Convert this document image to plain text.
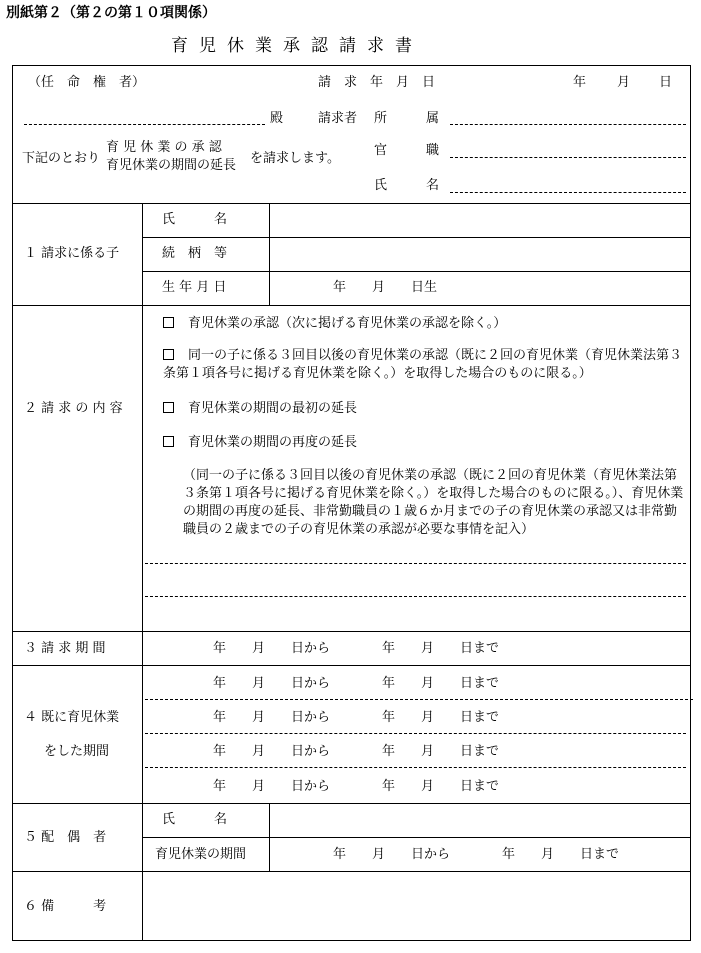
別紙第２（第２の第１０項関係）
育児休業承認請求書
（任　命　権　者）	請　求　年　月　日	年 月 日
殿	請求者 所　　　属
下記のとおり
育 児 休 業 の 承 認
育児休業の期間の延長 を請求します。
官　　　職
氏　　　名
１ 請求に係る子
氏　　　名
続　柄　等
生 年 月 日	年　　月　　日生
２ 請 求 の 内 容
育児休業の承認（次に掲げる育児休業の承認を除く。）
同一の子に係る３回目以後の育児休業の承認（既に２回の育児休業（育児休業法第３条第１項各号に掲げる育児休業を除く。）を取得した場合のものに限る。）
育児休業の期間の最初の延長
育児休業の期間の再度の延長
（同一の子に係る３回目以後の育児休業の承認（既に２回の育児休業（育児休業法第３条第１項各号に掲げる育児休業を除く。）を取得した場合のものに限る。）、育児休業の期間の再度の延長、非常勤職員の１歳６か月までの子の育児休業の承認又は非常勤職員の２歳までの子の育児休業の承認が必要な事情を記入）
３ 請 求 期 間	年　　月　　日から　　　　年　　月　　日まで
４ 既に育児休業
をした期間
年　　月　　日から　　　　年　　月　　日まで
年　　月　　日から　　　　年　　月　　日まで
年　　月　　日から　　　　年　　月　　日まで
年　　月　　日から　　　　年　　月　　日まで
５ 配　偶　者
氏　　　名
育児休業の期間	年　　月　　日から　　　　年　　月　　日まで
６ 備　　　考
